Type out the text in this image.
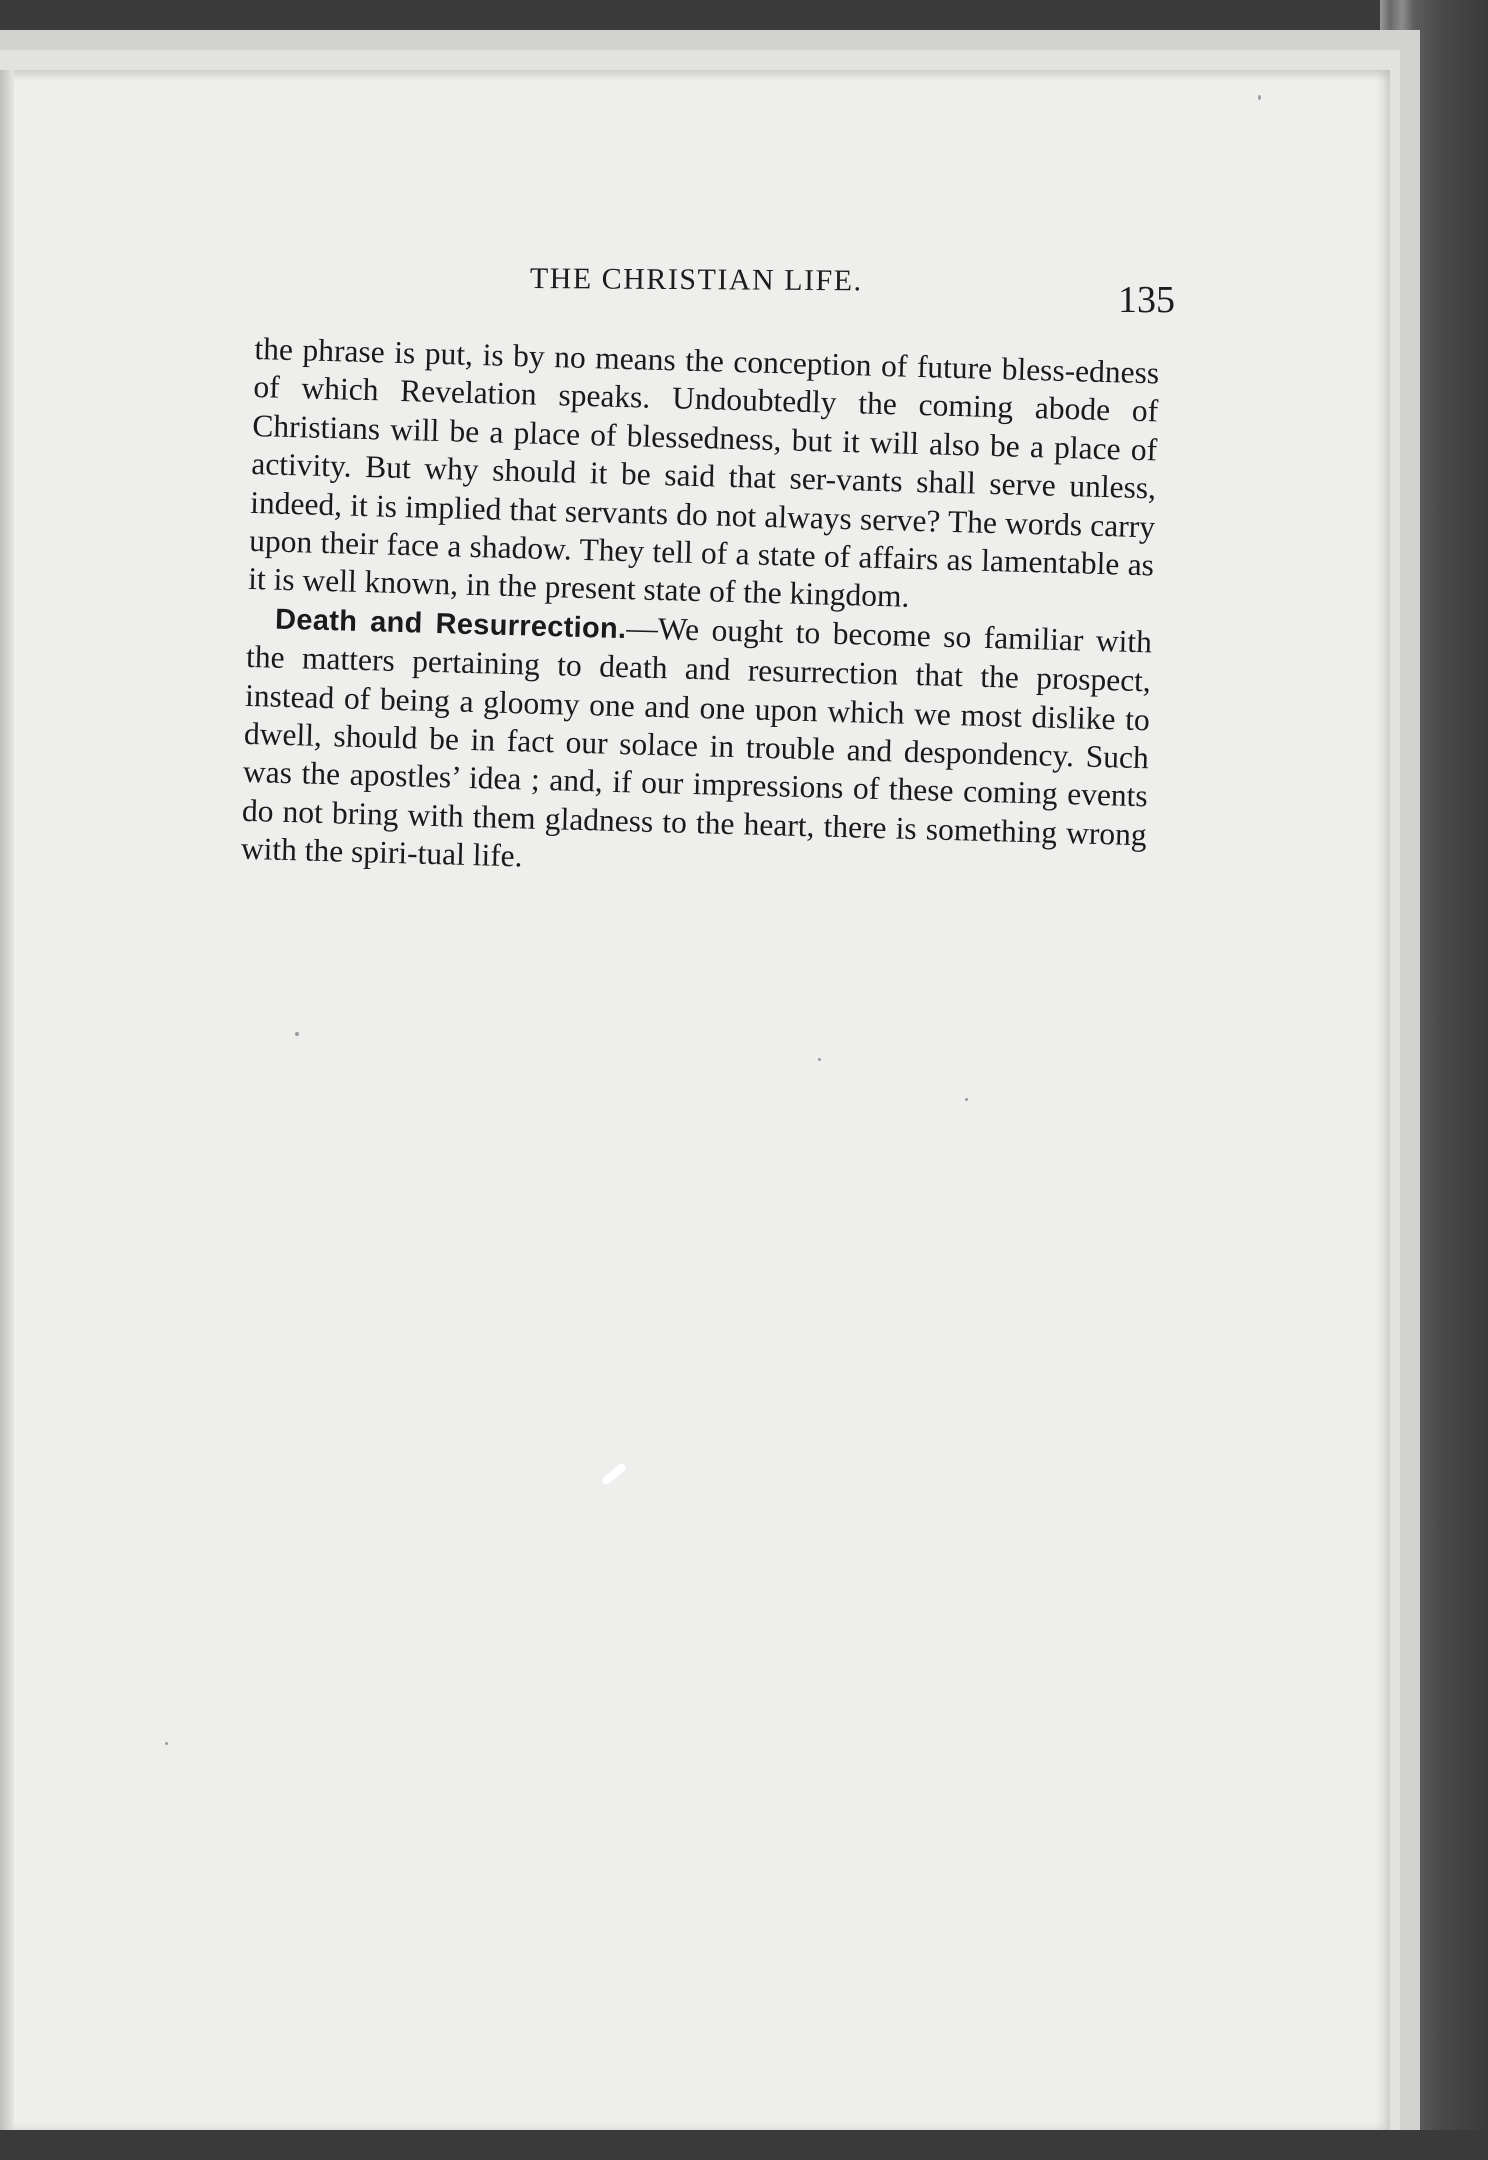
THE CHRISTIAN LIFE.	135

the phrase is put, is by no means the conception of future bless-edness of which Revelation speaks. Undoubtedly the coming abode of Christians will be a place of blessedness, but it will also be a place of activity. But why should it be said that ser-vants shall serve unless, indeed, it is implied that servants do not always serve? The words carry upon their face a shadow. They tell of a state of affairs as lamentable as it is well known, in the present state of the kingdom.

Death and Resurrection.—We ought to become so familiar with the matters pertaining to death and resurrection that the prospect, instead of being a gloomy one and one upon which we most dislike to dwell, should be in fact our solace in trouble and despondency. Such was the apostles’ idea ; and, if our impressions of these coming events do not bring with them gladness to the heart, there is something wrong with the spiri-tual life.
